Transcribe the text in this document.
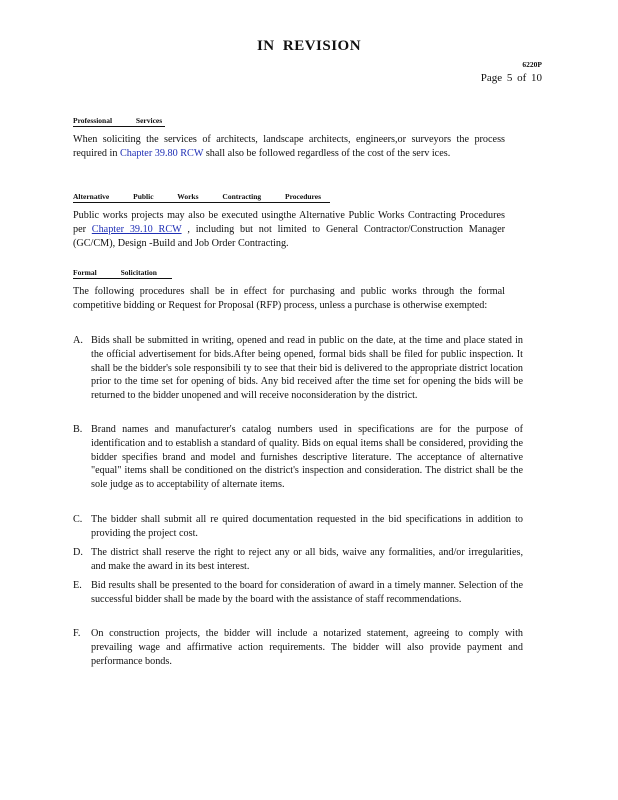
IN REVISION
6220P
Page 5 of 10
Professional Services
When soliciting the services of architects, landscape architects, engineers,or surveyors the process required in Chapter 39.80 RCW shall also be followed regardless of the cost of the serv ices.
Alternative Public Works Contracting Procedures
Public works projects may also be executed usingthe Alternative Public Works Contracting Procedures per Chapter 39.10 RCW , including but not limited to General Contractor/Construction Manager (GC/CM), Design -Build and Job Order Contracting.
Formal Solicitation
The following procedures shall be in effect for purchasing and public works through the formal competitive bidding or Request for Proposal (RFP) process, unless a purchase is otherwise exempted:
A. Bids shall be submitted in writing, opened and read in public on the date, at the time and place stated in the official advertisement for bids.After being opened, formal bids shall be filed for public inspection. It shall be the bidder's sole responsibili ty to see that their bid is delivered to the appropriate district location prior to the time set for opening of bids. Any bid received after the time set for opening the bids will be returned to the bidder unopened and will receive noconsideration by the district.
B. Brand names and manufacturer's catalog numbers used in specifications are for the purpose of identification and to establish a standard of quality. Bids on equal items shall be considered, providing the bidder specifies brand and model and furnishes descriptive literature. The acceptance of alternative "equal" items shall be conditioned on the district's inspection and consideration. The district shall be the sole judge as to acceptability of alternate items.
C. The bidder shall submit all re quired documentation requested in the bid specifications in addition to providing the project cost.
D. The district shall reserve the right to reject any or all bids, waive any formalities, and/or irregularities, and make the award in its best interest.
E. Bid results shall be presented to the board for consideration of award in a timely manner. Selection of the successful bidder shall be made by the board with the assistance of staff recommendations.
F.	On construction projects, the bidder will include a notarized statement, agreeing to comply with prevailing wage and affirmative action requirements. The bidder will also provide payment and performance bonds.
